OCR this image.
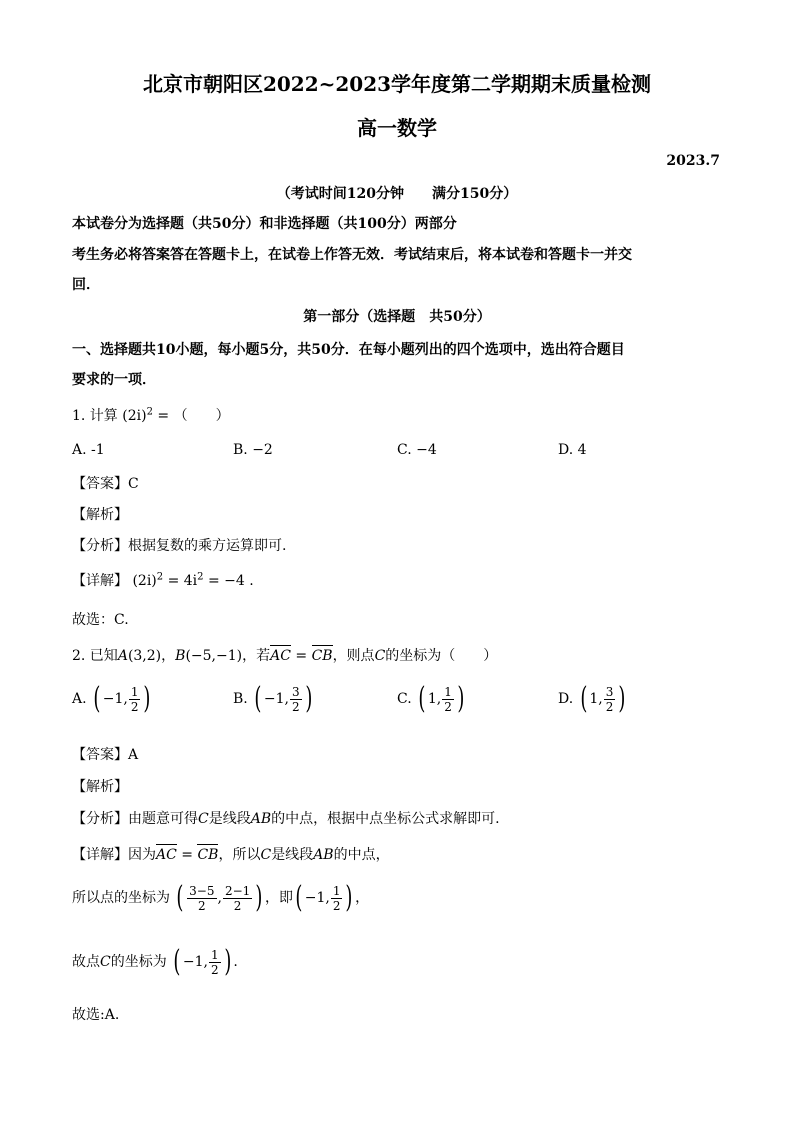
北京市朝阳区2022~2023学年度第二学期期末质量检测
高一数学
2023.7
（考试时间120分钟　　满分150分）
本试卷分为选择题（共50分）和非选择题（共100分）两部分
考生务必将答案答在答题卡上，在试卷上作答无效．考试结束后，将本试卷和答题卡一并交
回．
第一部分（选择题　共50分）
一、选择题共10小题，每小题5分，共50分．在每小题列出的四个选项中，选出符合题目
要求的一项．
1. 计算 $(2i)^2$ = （　　）
A. -1	B. −2	C. −4	D. 4
【答案】C
【解析】
【分析】根据复数的乘方运算即可.
【详解】 $(2i)^2 = 4i^2 = -4$ .
故选：C.
2. 已知A(3,2)，B(−5,−1)，若AC = CB，则点C的坐标为（　　）
A. ( −1, $\frac{1}{2}$ )	B. ( −1, $\frac{3}{2}$ )	C. ( 1, $\frac{1}{2}$ )	D. ( 1, $\frac{3}{2}$ )
【答案】A
【解析】
【分析】由题意可得C是线段AB的中点，根据中点坐标公式求解即可.
【详解】因为AC = CB，所以C是线段AB的中点，
所以点的坐标为 ( $\frac{3-5}{2}$ , $\frac{2-1}{2}$ ) ，即( −1, $\frac{1}{2}$ ) ，
故点C的坐标为 ( −1, $\frac{1}{2}$ ) .
故选:A.
